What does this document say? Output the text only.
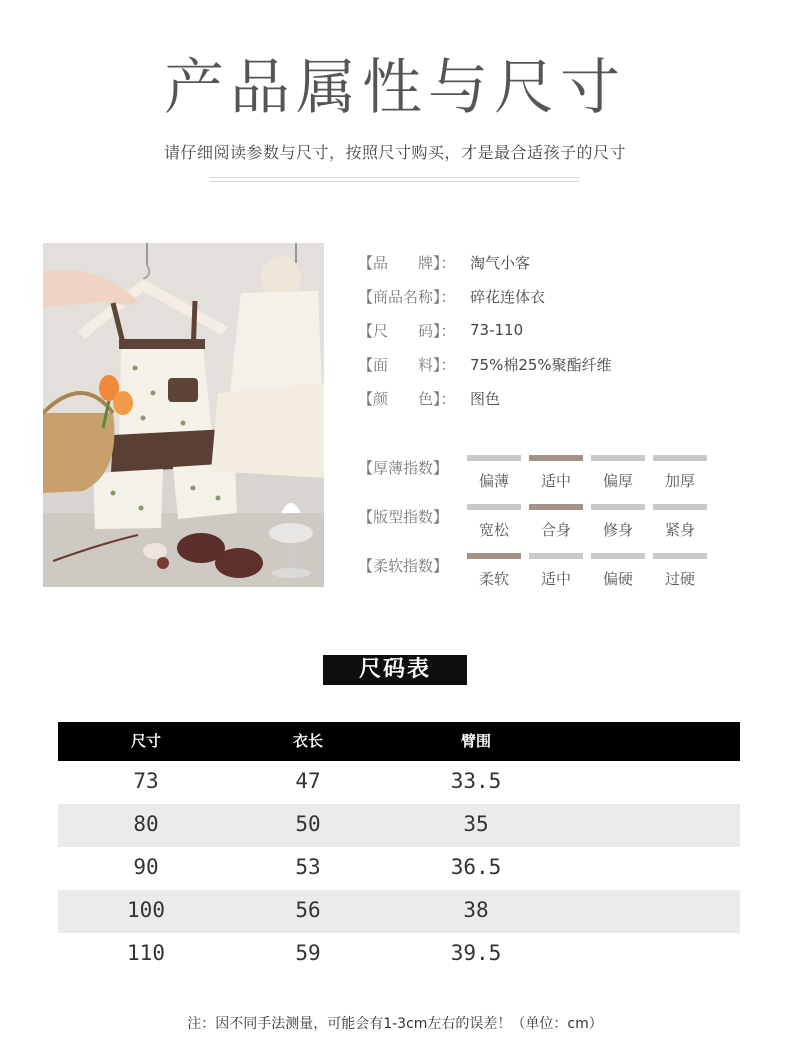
产品属性与尺寸
请仔细阅读参数与尺寸，按照尺寸购买，才是最合适孩子的尺寸
【品　　牌】： 淘气小客
【商品名称】： 碎花连体衣
【尺　　码】： 73-110
【面　　料】： 75%棉25%聚酯纤维
【颜　　色】： 图色
【厚薄指数】
偏薄	适中	偏厚	加厚
【版型指数】
宽松	合身	修身	紧身
【柔软指数】
柔软	适中	偏硬	过硬
尺码表
尺寸	衣长	臂围
73	47	33.5
80	50	35
90	53	36.5
100	56	38
110	59	39.5
注：因不同手法测量，可能会有1-3cm左右的误差！（单位：cm）
